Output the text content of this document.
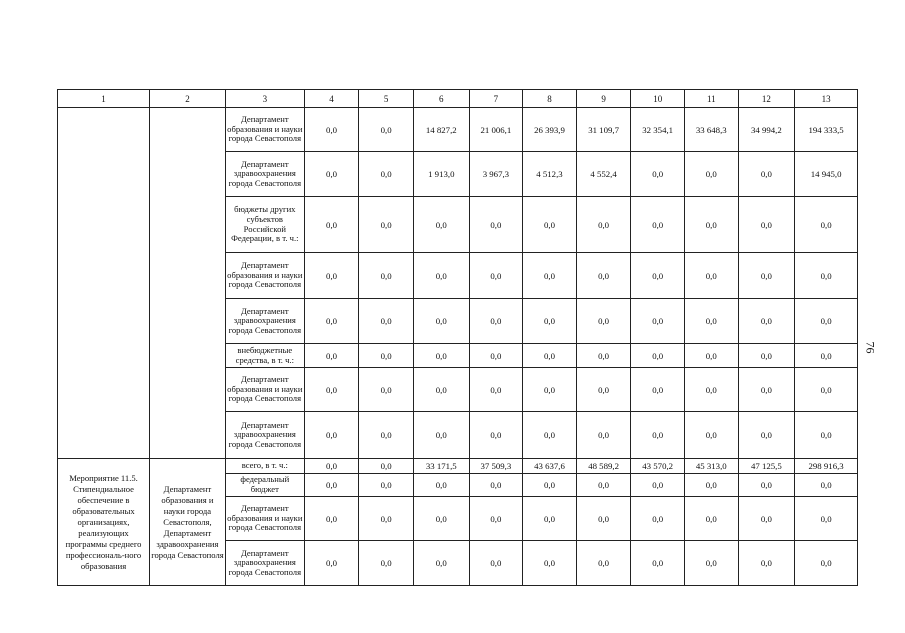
1	2	3	4	5	6	7	8	9	10	11	12	13
		Департамент образования и науки города Севастополя	0,0	0,0	14 827,2	21 006,1	26 393,9	31 109,7	32 354,1	33 648,3	34 994,2	194 333,5
		Департамент здравоохранения города Севастополя	0,0	0,0	1 913,0	3 967,3	4 512,3	4 552,4	0,0	0,0	0,0	14 945,0
		бюджеты других субъектов Российской Федерации, в т. ч.:	0,0	0,0	0,0	0,0	0,0	0,0	0,0	0,0	0,0	0,0
		Департамент образования и науки города Севастополя	0,0	0,0	0,0	0,0	0,0	0,0	0,0	0,0	0,0	0,0
		Департамент здравоохранения города Севастополя	0,0	0,0	0,0	0,0	0,0	0,0	0,0	0,0	0,0	0,0
		внебюджетные средства, в т. ч.:	0,0	0,0	0,0	0,0	0,0	0,0	0,0	0,0	0,0	0,0
		Департамент образования и науки города Севастополя	0,0	0,0	0,0	0,0	0,0	0,0	0,0	0,0	0,0	0,0
		Департамент здравоохранения города Севастополя	0,0	0,0	0,0	0,0	0,0	0,0	0,0	0,0	0,0	0,0
Мероприятие 11.5. Стипендиальное обеспечение в образовательных организациях, реализующих программы среднего профессиональ-ного образования	Департамент образования и науки города Севастополя, Департамент здравоохранения города Севастополя	всего, в т. ч.:	0,0	0,0	33 171,5	37 509,3	43 637,6	48 589,2	43 570,2	45 313,0	47 125,5	298 916,3
		федеральный бюджет	0,0	0,0	0,0	0,0	0,0	0,0	0,0	0,0	0,0	0,0
		Департамент образования и науки города Севастополя	0,0	0,0	0,0	0,0	0,0	0,0	0,0	0,0	0,0	0,0
		Департамент здравоохранения города Севастополя	0,0	0,0	0,0	0,0	0,0	0,0	0,0	0,0	0,0	0,0
76
